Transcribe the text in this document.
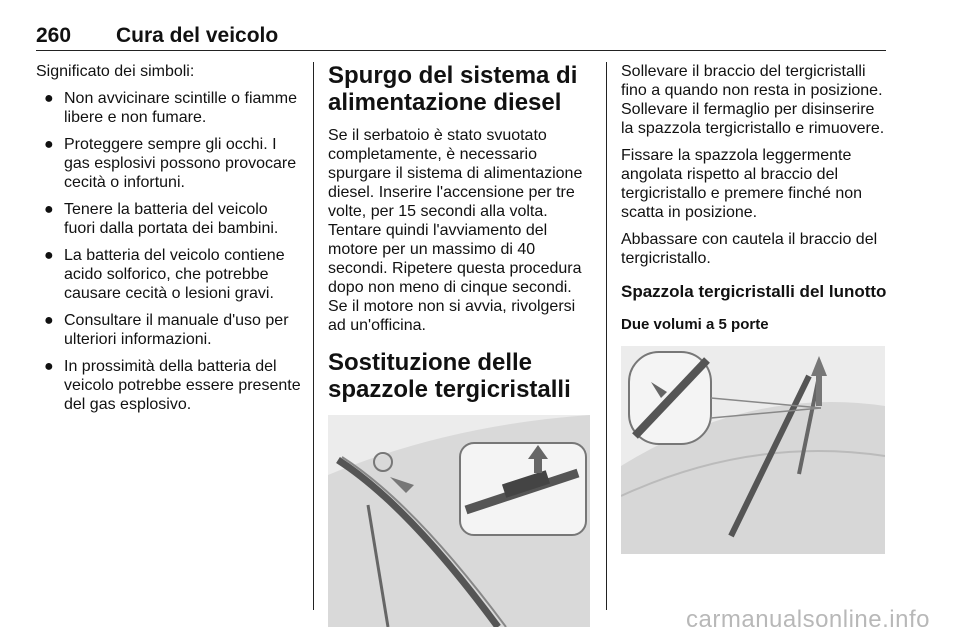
260 Cura del veicolo

Significato dei simboli:

● Non avvicinare scintille o fiamme libere e non fumare.
● Proteggere sempre gli occhi. I gas esplosivi possono provocare cecità o infortuni.
● Tenere la batteria del veicolo fuori dalla portata dei bambini.
● La batteria del veicolo contiene acido solforico, che potrebbe causare cecità o lesioni gravi.
● Consultare il manuale d'uso per ulteriori informazioni.
● In prossimità della batteria del veicolo potrebbe essere presente del gas esplosivo.
Spurgo del sistema di alimentazione diesel

Se il serbatoio è stato svuotato completamente, è necessario spurgare il sistema di alimentazione diesel. Inserire l'accensione per tre volte, per 15 secondi alla volta. Tentare quindi l'avviamento del motore per un massimo di 40 secondi. Ripetere questa procedura dopo non meno di cinque secondi. Se il motore non si avvia, rivolgersi ad un'officina.

Sostituzione delle spazzole tergicristalli

Sollevare il braccio del tergicristalli fino a quando non resta in posizione. Sollevare il fermaglio per disinserire la spazzola tergicristallo e rimuovere.

Fissare la spazzola leggermente angolata rispetto al braccio del tergicristallo e premere finché non scatta in posizione.

Abbassare con cautela il braccio del tergicristallo.

Spazzola tergicristalli del lunotto
Due volumi a 5 porte
carmanualsonline.info
